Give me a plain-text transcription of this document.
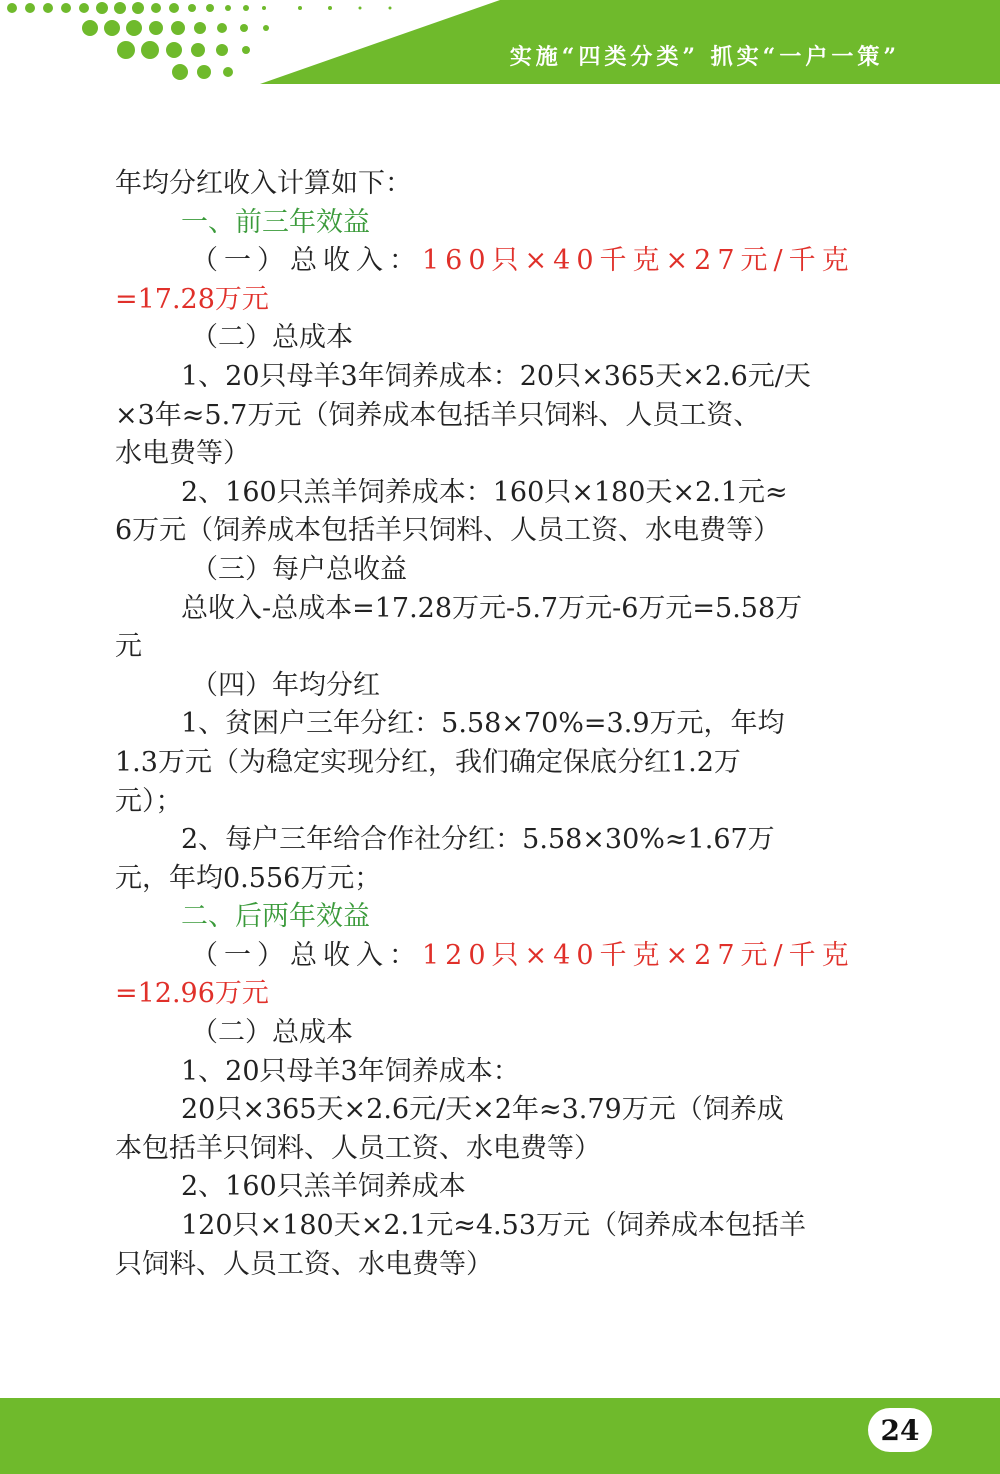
实施“四类分类” 抓实“一户一策”

年均分红收入计算如下：

一、前三年效益

（一）总收入：160只×40千克×27元/千克

=17.28万元

（二）总成本

1、20只母羊3年饲养成本：20只×365天×2.6元/天

×3年≈5.7万元（饲养成本包括羊只饲料、人员工资、

水电费等）

2、160只羔羊饲养成本：160只×180天×2.1元≈

6万元（饲养成本包括羊只饲料、人员工资、水电费等）

（三）每户总收益

总收入-总成本=17.28万元-5.7万元-6万元=5.58万

元

（四）年均分红

1、贫困户三年分红：5.58×70%=3.9万元，年均

1.3万元（为稳定实现分红，我们确定保底分红1.2万

元）；

2、每户三年给合作社分红：5.58×30%≈1.67万

元，年均0.556万元；

二、后两年效益

（一）总收入：120只×40千克×27元/千克

=12.96万元

（二）总成本

1、20只母羊3年饲养成本：

20只×365天×2.6元/天×2年≈3.79万元（饲养成

本包括羊只饲料、人员工资、水电费等）

2、160只羔羊饲养成本

120只×180天×2.1元≈4.53万元（饲养成本包括羊

只饲料、人员工资、水电费等）

24
